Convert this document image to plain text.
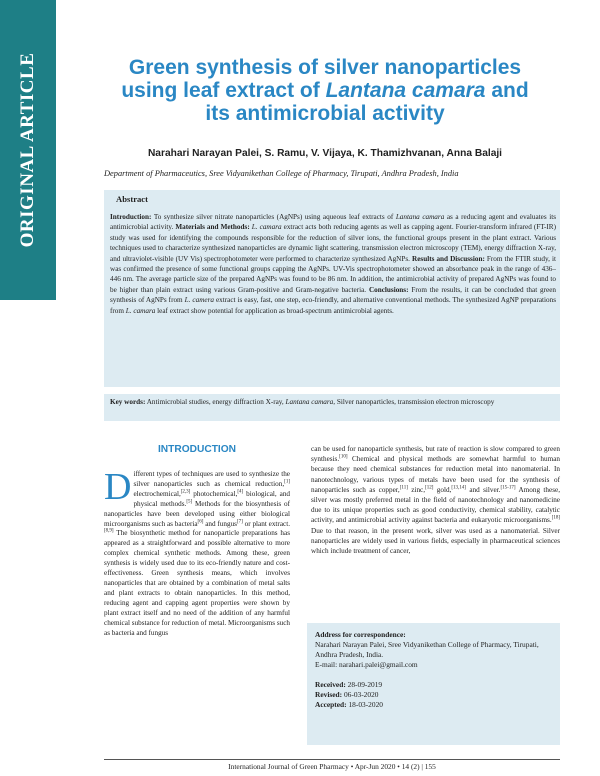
ORIGINAL ARTICLE	Green synthesis of silver nanoparticles
using leaf extract of Lantana camara and
its antimicrobial activity
Narahari Narayan Palei, S. Ramu, V. Vijaya, K. Thamizhvanan, Anna Balaji
Department of Pharmaceutics, Sree Vidyanikethan College of Pharmacy, Tirupati, Andhra Pradesh, India
Abstract
Introduction: To synthesize silver nitrate nanoparticles (AgNPs) using aqueous leaf extracts of Lantana camara as a reducing agent and evaluates its antimicrobial activity. Materials and Methods: L. camara extract acts both reducing agents as well as capping agent. Fourier-transform infrared (FT-IR) study was used for identifying the compounds responsible for the reduction of silver ions, the functional groups present in the plant extract. Various techniques used to characterize synthesized nanoparticles are dynamic light scattering, transmission electron microscopy (TEM), energy diffraction X-ray, and ultraviolet-visible (UV Vis) spectrophotometer were performed to characterize synthesized AgNPs. Results and Discussion: From the FTIR study, it was confirmed the presence of some functional groups capping the AgNPs. UV-Vis spectrophotometer showed an absorbance peak in the range of 436–446 nm. The average particle size of the prepared AgNPs was found to be 86 nm. In addition, the antimicrobial activity of prepared AgNPs was found to be higher than plain extract using various Gram-positive and Gram-negative bacteria. Conclusions: From the results, it can be concluded that green synthesis of AgNPs from L. camera extract is easy, fast, one step, eco-friendly, and alternative conventional methods. The synthesized AgNP preparations from L. camara leaf extract show potential for application as broad-spectrum antimicrobial agents.
Key words: Antimicrobial studies, energy diffraction X-ray, Lantana camara, Silver nanoparticles, transmission electron microscopy
INTRODUCTION
Different types of techniques are used to synthesize the silver nanoparticles such as chemical reduction,[1] electrochemical,[2,3] photochemical,[4] biological, and physical methods.[5] Methods for the biosynthesis of nanoparticles have been developed using either biological microorganisms such as bacteria[6] and fungus[7] or plant extract.[8,9] The biosynthetic method for nanoparticle preparations has appeared as a straightforward and possible alternative to more complex chemical synthetic methods. Among these, green synthesis is widely used due to its eco-friendly nature and cost-effectiveness. Green synthesis means, which involves nanoparticles that are obtained by a combination of metal salts and plant extracts to obtain nanoparticles. In this method, reducing agent and capping agent properties were shown by plant extract itself and no need of the addition of any harmful chemical substance for reduction of metal. Microorganisms such as bacteria and fungus
can be used for nanoparticle synthesis, but rate of reaction is slow compared to green synthesis.[10] Chemical and physical methods are somewhat harmful to human because they need chemical substances for reduction metal into nanomaterial. In nanotechnology, various types of metals have been used for the synthesis of nanoparticles such as copper,[11] zinc,[12] gold,[13,14] and silver.[15-17] Among these, silver was mostly preferred metal in the field of nanotechnology and nanomedicine due to its unique properties such as good conductivity, chemical stability, catalytic activity, and antimicrobial activity against bacteria and eukaryotic microorganisms.[18] Due to that reason, in the present work, silver was used as a nanomaterial. Silver nanoparticles are widely used in various fields, especially in pharmaceutical sciences which include treatment of cancer,
Address for correspondence:
Narahari Narayan Palei, Sree Vidyanikethan College of Pharmacy, Tirupati, Andhra Pradesh, India.
E-mail: narahari.palei@gmail.com
Received: 28-09-2019
Revised: 06-03-2020
Accepted: 18-03-2020
International Journal of Green Pharmacy • Apr-Jun 2020 • 14 (2) | 155
